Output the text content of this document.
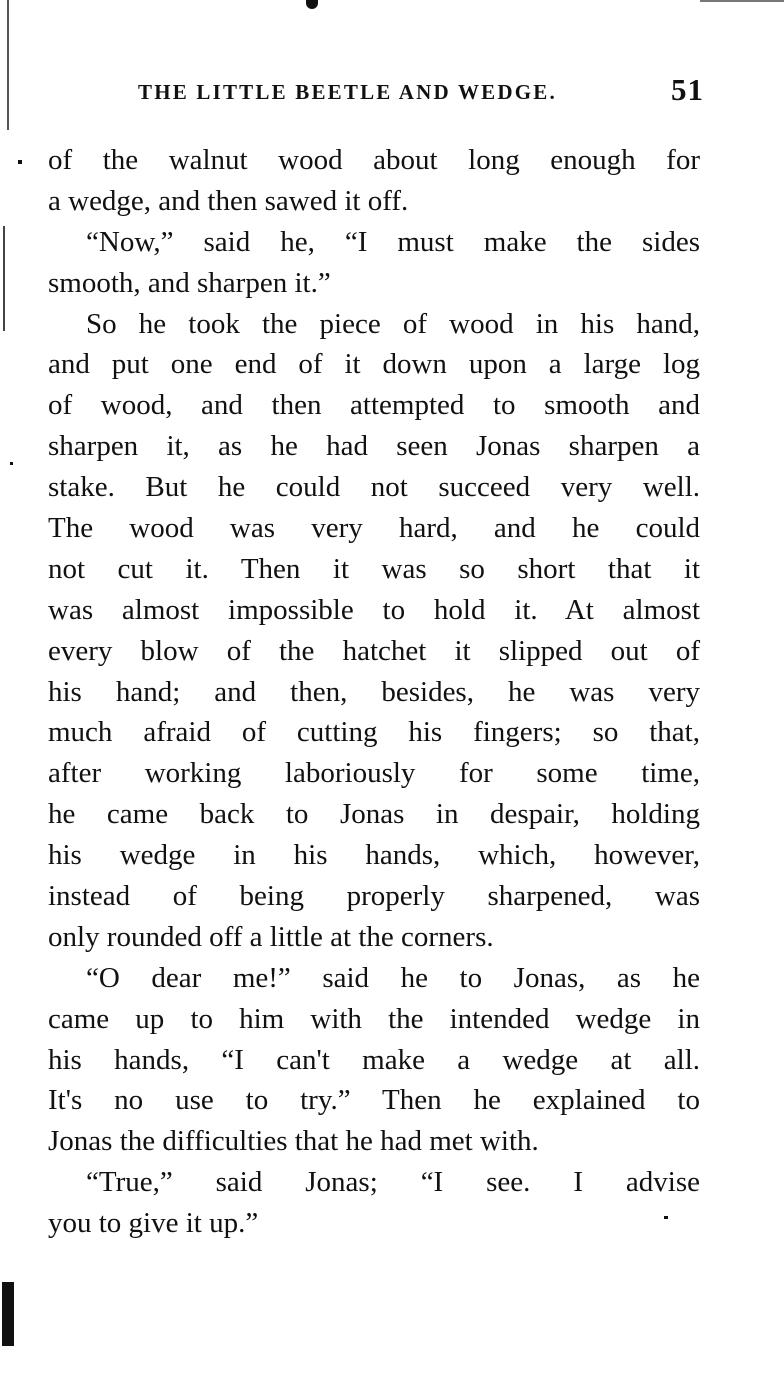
THE LITTLE BEETLE AND WEDGE.	51
of the walnut wood about long enough for
a wedge, and then sawed it off.
“Now,” said he, “I must make the sides
smooth, and sharpen it.”
So he took the piece of wood in his hand,
and put one end of it down upon a large log
of wood, and then attempted to smooth and
sharpen it, as he had seen Jonas sharpen a
stake. But he could not succeed very well.
The wood was very hard, and he could
not cut it. Then it was so short that it
was almost impossible to hold it. At almost
every blow of the hatchet it slipped out of
his hand; and then, besides, he was very
much afraid of cutting his fingers; so that,
after working laboriously for some time,
he came back to Jonas in despair, holding
his wedge in his hands, which, however,
instead of being properly sharpened, was
only rounded off a little at the corners.
“O dear me!” said he to Jonas, as he
came up to him with the intended wedge in
his hands, “I can't make a wedge at all.
It's no use to try.” Then he explained to
Jonas the difficulties that he had met with.
“True,” said Jonas; “I see. I advise
you to give it up.”
